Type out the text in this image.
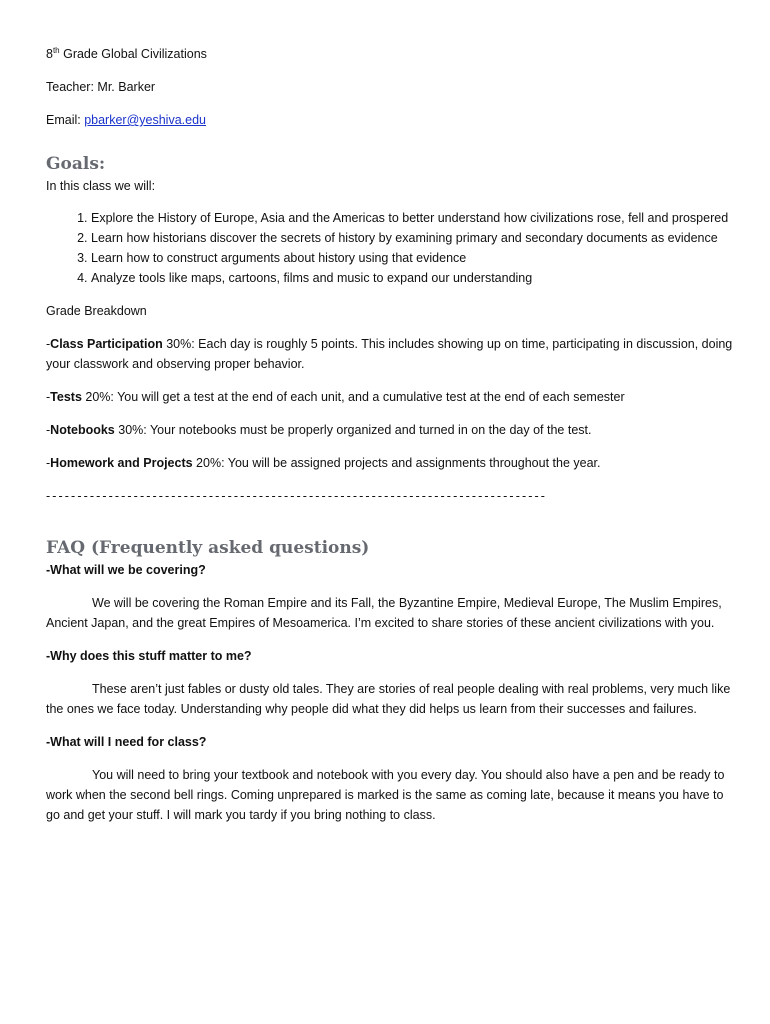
8th Grade Global Civilizations

Teacher: Mr. Barker

Email: pbarker@yeshiva.edu

Goals:

In this class we will:

1. Explore the History of Europe, Asia and the Americas to better understand how civilizations rose, fell and prospered
2. Learn how historians discover the secrets of history by examining primary and secondary documents as evidence
3. Learn how to construct arguments about history using that evidence
4. Analyze tools like maps, cartoons, films and music to expand our understanding

Grade Breakdown

-Class Participation 30%: Each day is roughly 5 points. This includes showing up on time, participating in discussion, doing your classwork and observing proper behavior.

-Tests 20%: You will get a test at the end of each unit, and a cumulative test at the end of each semester

-Notebooks 30%: Your notebooks must be properly organized and turned in on the day of the test.

-Homework and Projects 20%: You will be assigned projects and assignments throughout the year.

--------------------------------------------------------------------------------

FAQ (Frequently asked questions)

-What will we be covering?

We will be covering the Roman Empire and its Fall, the Byzantine Empire, Medieval Europe, The Muslim Empires, Ancient Japan, and the great Empires of Mesoamerica. I’m excited to share stories of these ancient civilizations with you.

-Why does this stuff matter to me?

These aren’t just fables or dusty old tales. They are stories of real people dealing with real problems, very much like the ones we face today. Understanding why people did what they did helps us learn from their successes and failures.

-What will I need for class?

You will need to bring your textbook and notebook with you every day. You should also have a pen and be ready to work when the second bell rings. Coming unprepared is marked is the same as coming late, because it means you have to go and get your stuff. I will mark you tardy if you bring nothing to class.
